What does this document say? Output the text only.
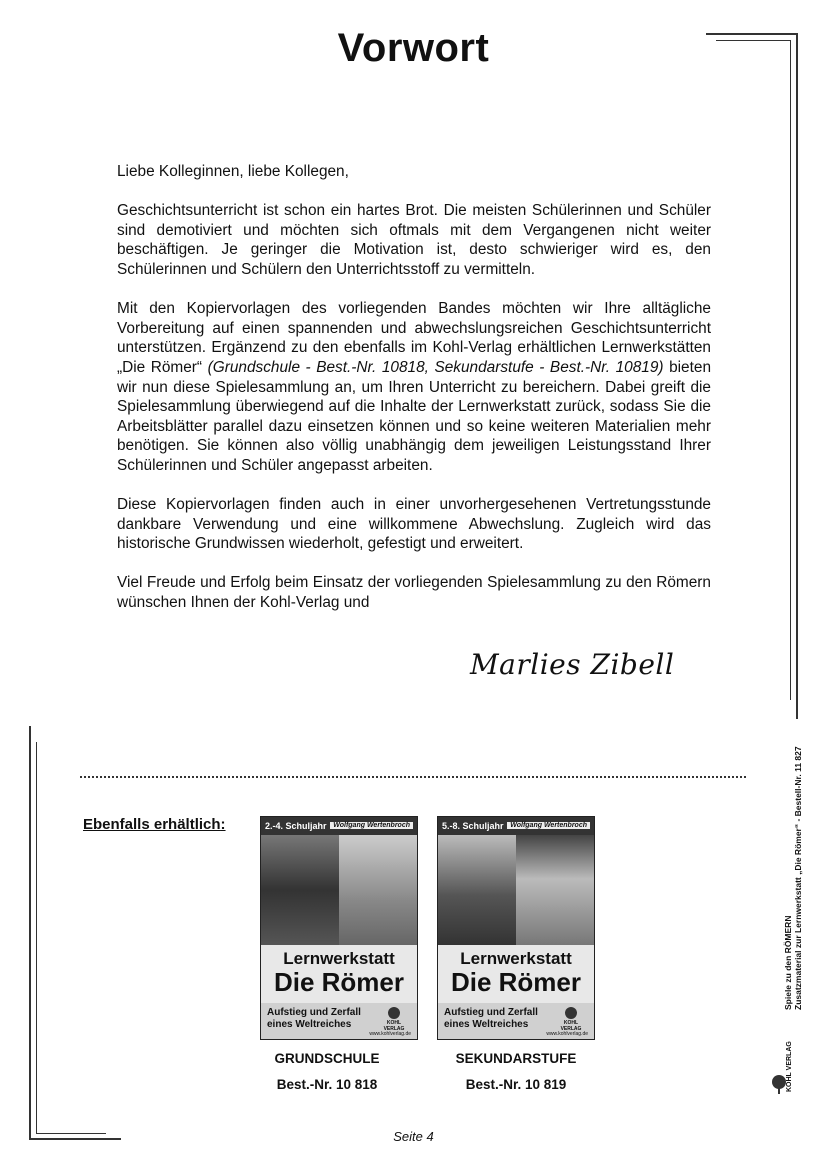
Vorwort

Liebe Kolleginnen, liebe Kollegen,

Geschichtsunterricht ist schon ein hartes Brot. Die meisten Schülerinnen und Schüler sind demotiviert und möchten sich oftmals mit dem Vergangenen nicht weiter beschäftigen. Je geringer die Motivation ist, desto schwieriger wird es, den Schülerinnen und Schülern den Unterrichtsstoff zu vermitteln.

Mit den Kopiervorlagen des vorliegenden Bandes möchten wir Ihre alltägliche Vorbereitung auf einen spannenden und abwechslungsreichen Geschichtsunterricht unterstützen. Ergänzend zu den ebenfalls im Kohl-Verlag erhältlichen Lernwerkstätten „Die Römer“ (Grundschule - Best.-Nr. 10818, Sekundarstufe - Best.-Nr. 10819) bieten wir nun diese Spielesammlung an, um Ihren Unterricht zu bereichern. Dabei greift die Spielesammlung überwiegend auf die Inhalte der Lernwerkstatt zurück, sodass Sie die Arbeitsblätter parallel dazu einsetzen können und so keine weiteren Materialien mehr benötigen. Sie können also völlig unabhängig dem jeweiligen Leistungsstand Ihrer Schülerinnen und Schüler angepasst arbeiten.

Diese Kopiervorlagen finden auch in einer unvorhergesehenen Vertretungsstunde dankbare Verwendung und eine willkommene Abwechslung. Zugleich wird das historische Grundwissen wiederholt, gefestigt und erweitert.

Viel Freude und Erfolg beim Einsatz der vorliegenden Spielesammlung zu den Römern wünschen Ihnen der Kohl-Verlag und

Marlies Zibell
Ebenfalls erhältlich:	2.-4. Schuljahr Wolfgang Wertenbroch
Lernwerkstatt
Die Römer
Aufstieg und Zerfall eines Weltreiches	KOHL VERLAG
www.kohlverlag.de
GRUNDSCHULE
Best.-Nr. 10 818
5.-8. Schuljahr Wolfgang Wertenbroch
Lernwerkstatt
Die Römer
Aufstieg und Zerfall eines Weltreiches	KOHL VERLAG
www.kohlverlag.de
SEKUNDARSTUFE
Best.-Nr. 10 819
Spiele zu den RÖMERN Zusatzmaterial zur Lernwerkstatt „Die Römer“ - Bestell-Nr. 11 827
KOHL VERLAG
Seite 4
